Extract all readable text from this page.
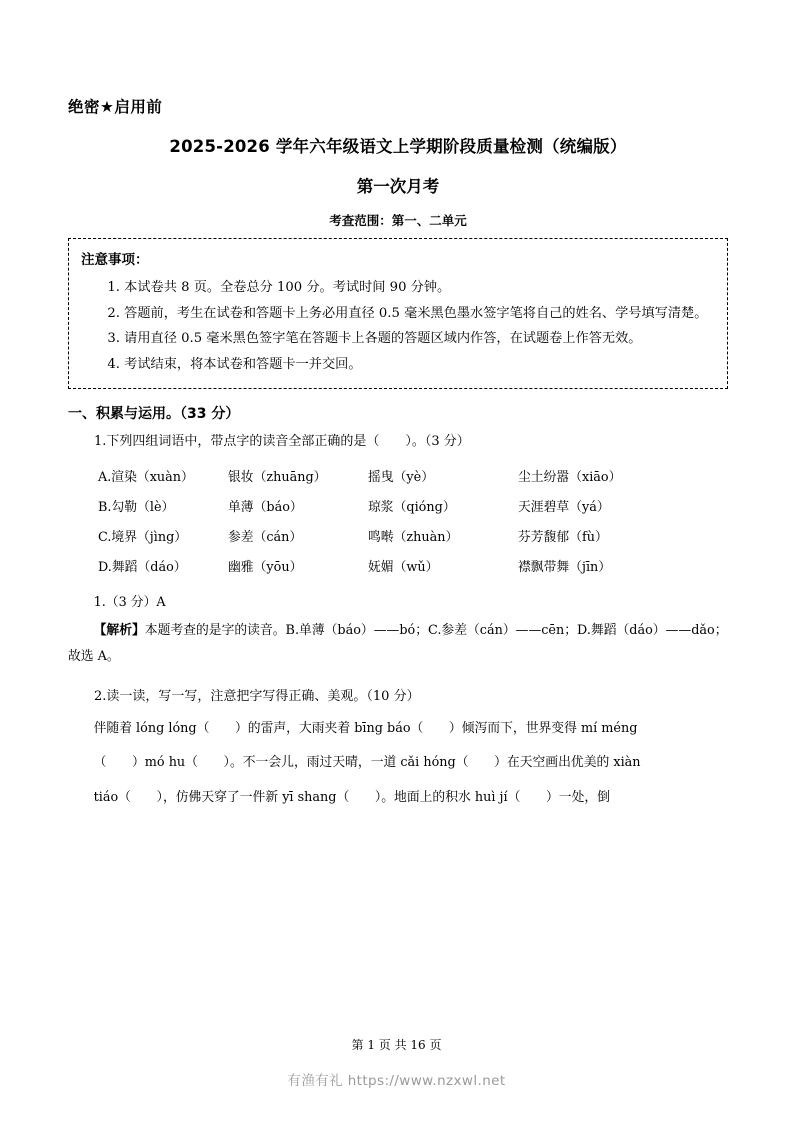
绝密★启用前
2025-2026 学年六年级语文上学期阶段质量检测（统编版）
第一次月考
考查范围：第一、二单元
注意事项：
1. 本试卷共 8 页。全卷总分 100 分。考试时间 90 分钟。
2. 答题前，考生在试卷和答题卡上务必用直径 0.5 毫米黑色墨水签字笔将自己的姓名、学号填写清楚。
3. 请用直径 0.5 毫米黑色签字笔在答题卡上各题的答题区域内作答，在试题卷上作答无效。
4. 考试结束，将本试卷和答题卡一并交回。
一、积累与运用。（33 分）
1.下列四组词语中，带点字的读音全部正确的是（　　）。（3 分）
A.渲染（xuàn）	银妆（zhuāng）	摇曳（yè）	尘土纷嚣（xiāo）
B.勾勒（lè）	单薄（báo）	琼浆（qióng）	天涯碧草（yá）
C.境界（jìng）	参差（cán）	鸣啭（zhuàn）	芬芳馥郁（fù）
D.舞蹈（dáo）	幽雅（yōu）	妩媚（wǔ）	襟飘带舞（jīn）
1.（3 分）A
【解析】本题考查的是字的读音。B.单薄（báo）——bó；C.参差（cán）——cēn；D.舞蹈（dáo）——dǎo；故选 A。
2.读一读，写一写，注意把字写得正确、美观。（10 分）
伴随着 lóng lóng（　　）的雷声，大雨夹着 bīng báo（　　）倾泻而下，世界变得 mí méng
（　　）mó hu（　　）。不一会儿，雨过天晴，一道 cǎi hóng（　　）在天空画出优美的 xiàn
tiáo（　　），仿佛天穿了一件新 yī shang（　　）。地面上的积水 huì jí（　　）一处，倒
第 1 页 共 16 页
有渔有礼 https://www.nzxwl.net
